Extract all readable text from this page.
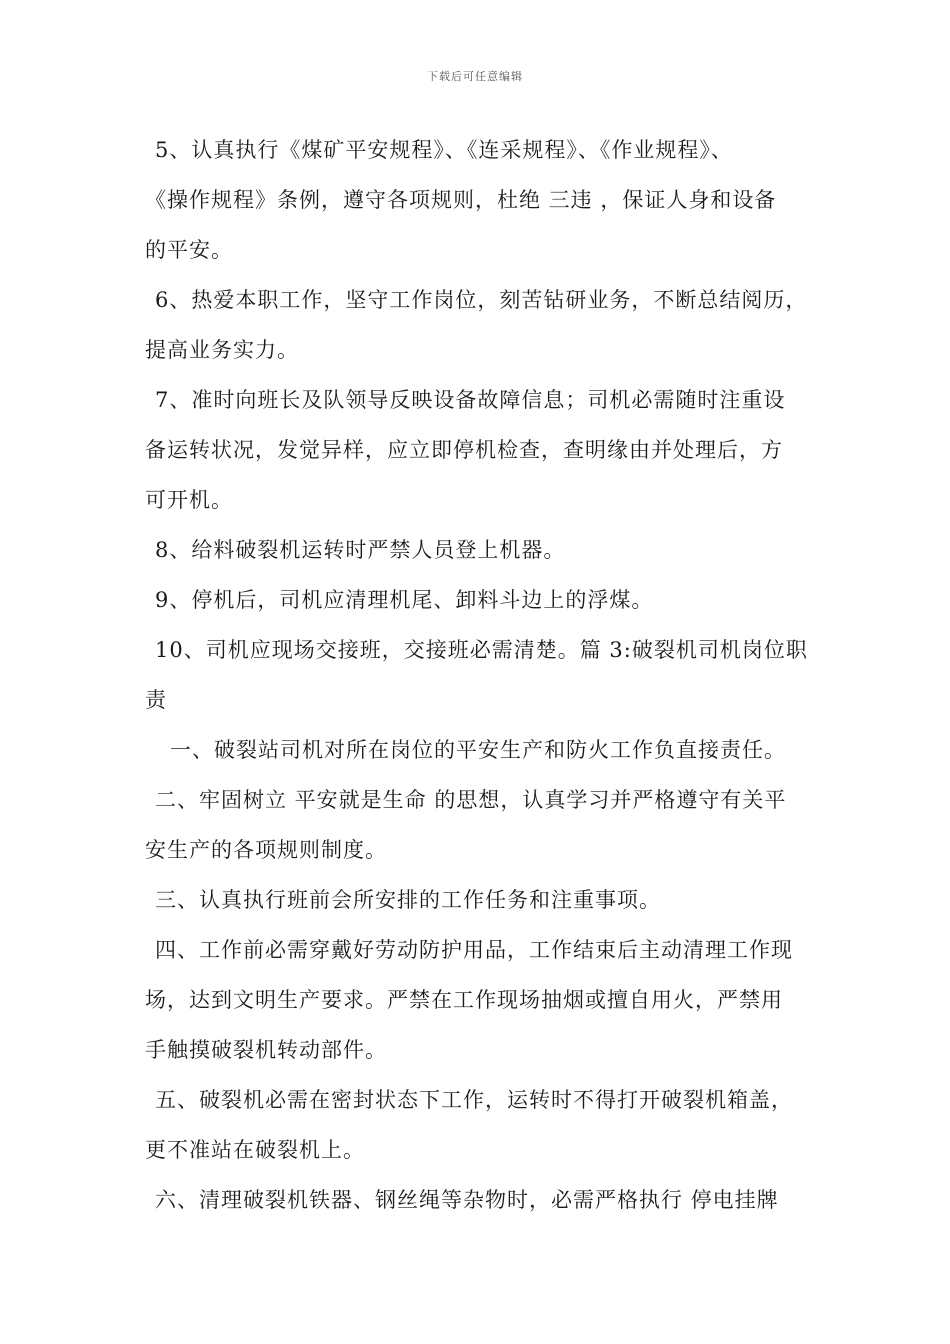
下载后可任意编辑
5、认真执行《煤矿平安规程》、《连采规程》、《作业规程》、
《操作规程》条例，遵守各项规则，杜绝 三违 ，保证人身和设备
的平安。
6、热爱本职工作，坚守工作岗位，刻苦钻研业务，不断总结阅历，
提高业务实力。
7、准时向班长及队领导反映设备故障信息；司机必需随时注重设
备运转状况，发觉异样，应立即停机检查，查明缘由并处理后，方
可开机。
8、给料破裂机运转时严禁人员登上机器。
9、停机后，司机应清理机尾、卸料斗边上的浮煤。
10、司机应现场交接班，交接班必需清楚。篇 3:破裂机司机岗位职
责
一、破裂站司机对所在岗位的平安生产和防火工作负直接责任。
二、牢固树立 平安就是生命 的思想，认真学习并严格遵守有关平
安生产的各项规则制度。
三、认真执行班前会所安排的工作任务和注重事项。
四、工作前必需穿戴好劳动防护用品，工作结束后主动清理工作现
场，达到文明生产要求。严禁在工作现场抽烟或擅自用火，严禁用
手触摸破裂机转动部件。
五、破裂机必需在密封状态下工作，运转时不得打开破裂机箱盖，
更不准站在破裂机上。
六、清理破裂机铁器、钢丝绳等杂物时，必需严格执行 停电挂牌
